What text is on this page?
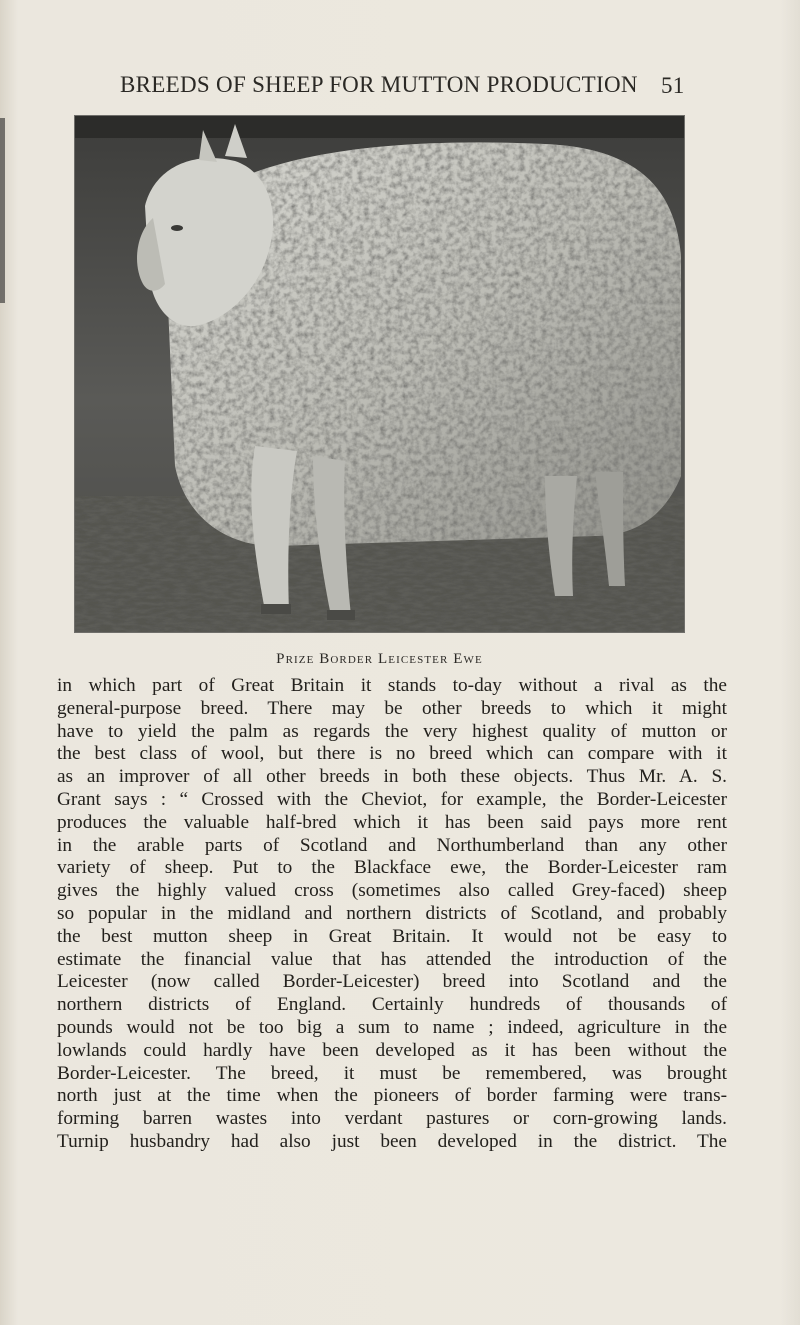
BREEDS OF SHEEP FOR MUTTON PRODUCTION 51
Prize Border Leicester Ewe
in which part of Great Britain it stands to-day without a rival as the
general-purpose breed. There may be other breeds to which it might
have to yield the palm as regards the very highest quality of mutton or
the best class of wool, but there is no breed which can compare with it
as an improver of all other breeds in both these objects. Thus Mr. A. S.
Grant says : “ Crossed with the Cheviot, for example, the Border-Leicester
produces the valuable half-bred which it has been said pays more rent
in the arable parts of Scotland and Northumberland than any other
variety of sheep. Put to the Blackface ewe, the Border-Leicester ram
gives the highly valued cross (sometimes also called Grey-faced) sheep
so popular in the midland and northern districts of Scotland, and probably
the best mutton sheep in Great Britain. It would not be easy to
estimate the financial value that has attended the introduction of the
Leicester (now called Border-Leicester) breed into Scotland and the
northern districts of England. Certainly hundreds of thousands of
pounds would not be too big a sum to name ; indeed, agriculture in the
lowlands could hardly have been developed as it has been without the
Border-Leicester. The breed, it must be remembered, was brought
north just at the time when the pioneers of border farming were trans-
forming barren wastes into verdant pastures or corn-growing lands.
Turnip husbandry had also just been developed in the district. The
